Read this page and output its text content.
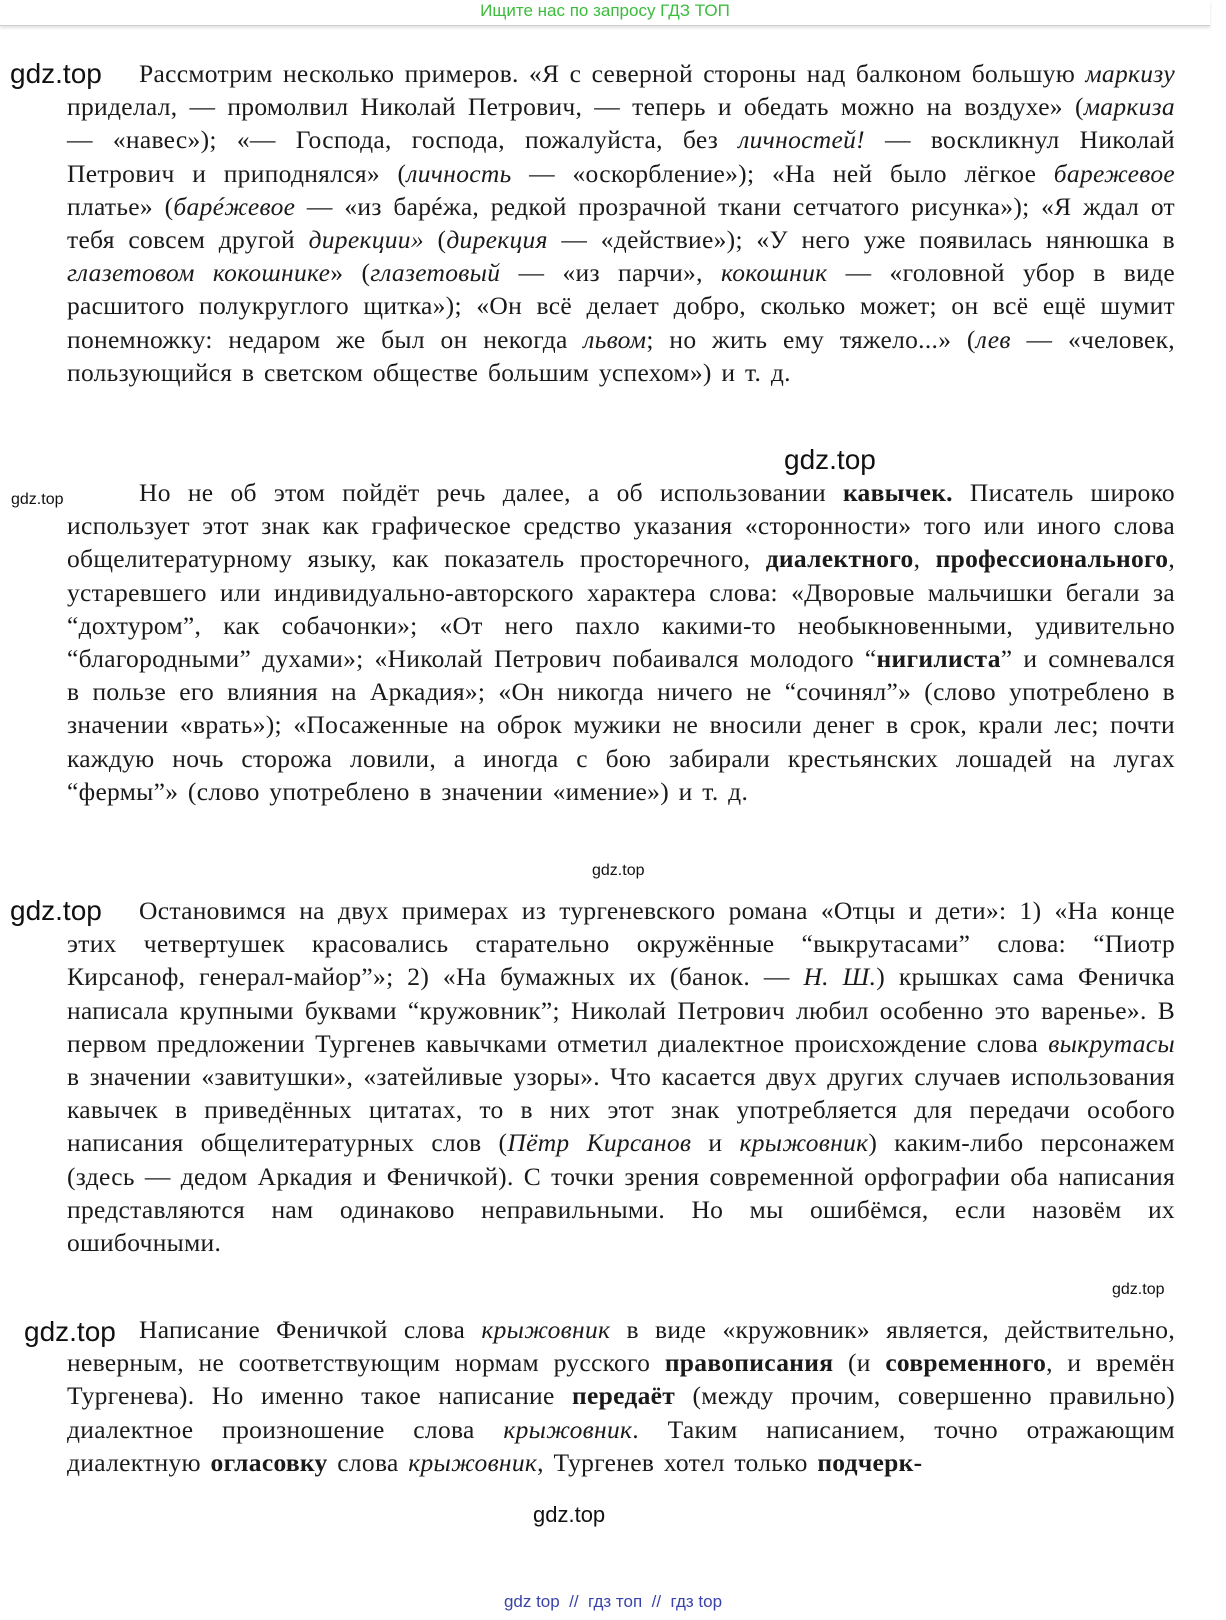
Ищите нас по запросу ГДЗ ТОП
gdz.top
gdz.top
gdz.top
gdz.top
gdz.top
gdz.top
gdz.top
gdz.top

Рассмотрим несколько примеров. «Я с северной стороны над балконом большую маркизу приделал, — промолвил Николай Петрович, — теперь и обедать можно на воздухе» (маркиза — «навес»); «— Господа, господа, пожалуйста, без личностей! — воскликнул Николай Петрович и приподнялся» (личность — «оскорбление»); «На ней было лёгкое барежевое платье» (барéжевое — «из барéжа, редкой прозрачной ткани сетчатого рисунка»); «Я ждал от тебя совсем другой дирекции» (дирекция — «действие»); «У него уже появилась нянюшка в глазетовом кокошнике» (глазетовый — «из парчи», кокошник — «головной убор в виде расшитого полукруглого щитка»); «Он всё делает добро, сколько может; он всё ещё шумит понемножку: недаром же был он некогда львом; но жить ему тяжело...» (лев — «человек, пользующийся в светском обществе большим успехом») и т. д.

Но не об этом пойдёт речь далее, а об использовании кавычек. Писатель широко использует этот знак как графическое средство указания «сторонности» того или иного слова общелитературному языку, как показатель просторечного, диалектного, профессионального, устаревшего или индивидуально-авторского характера слова: «Дворовые мальчишки бегали за “дохтуром”, как собачонки»; «От него пахло какими-то необыкновенными, удивительно “благородными” духами»; «Николай Петрович побаивался молодого “нигилиста” и сомневался в пользе его влияния на Аркадия»; «Он никогда ничего не “сочинял”» (слово употреблено в значении «врать»); «Посаженные на оброк мужики не вносили денег в срок, крали лес; почти каждую ночь сторожа ловили, а иногда с бою забирали крестьянских лошадей на лугах “фермы”» (слово употреблено в значении «имение») и т. д.

Остановимся на двух примерах из тургеневского романа «Отцы и дети»: 1) «На конце этих четвертушек красовались старательно окружённые “выкрутасами” слова: “Пиотр Кирсаноф, генерал-майор”»; 2) «На бумажных их (банок. — Н. Ш.) крышках сама Феничка написала крупными буквами “кружовник”; Николай Петрович любил особенно это варенье». В первом предложении Тургенев кавычками отметил диалектное происхождение слова выкрутасы в значении «завитушки», «затейливые узоры». Что касается двух других случаев использования кавычек в приведённых цитатах, то в них этот знак употребляется для передачи особого написания общелитературных слов (Пётр Кирсанов и крыжовник) каким-либо персонажем (здесь — дедом Аркадия и Феничкой). С точки зрения современной орфографии оба написания представляются нам одинаково неправильными. Но мы ошибёмся, если назовём их ошибочными.

Написание Феничкой слова крыжовник в виде «кружовник» является, действительно, неверным, не соответствующим нормам русского правописания (и современного, и времён Тургенева). Но именно такое написание передаёт (между прочим, совершенно правильно) диалектное произношение слова крыжовник. Таким написанием, точно отражающим диалектную огласовку слова крыжовник, Тургенев хотел только подчерк-

gdz top  //  гдз топ  //  гдз top
